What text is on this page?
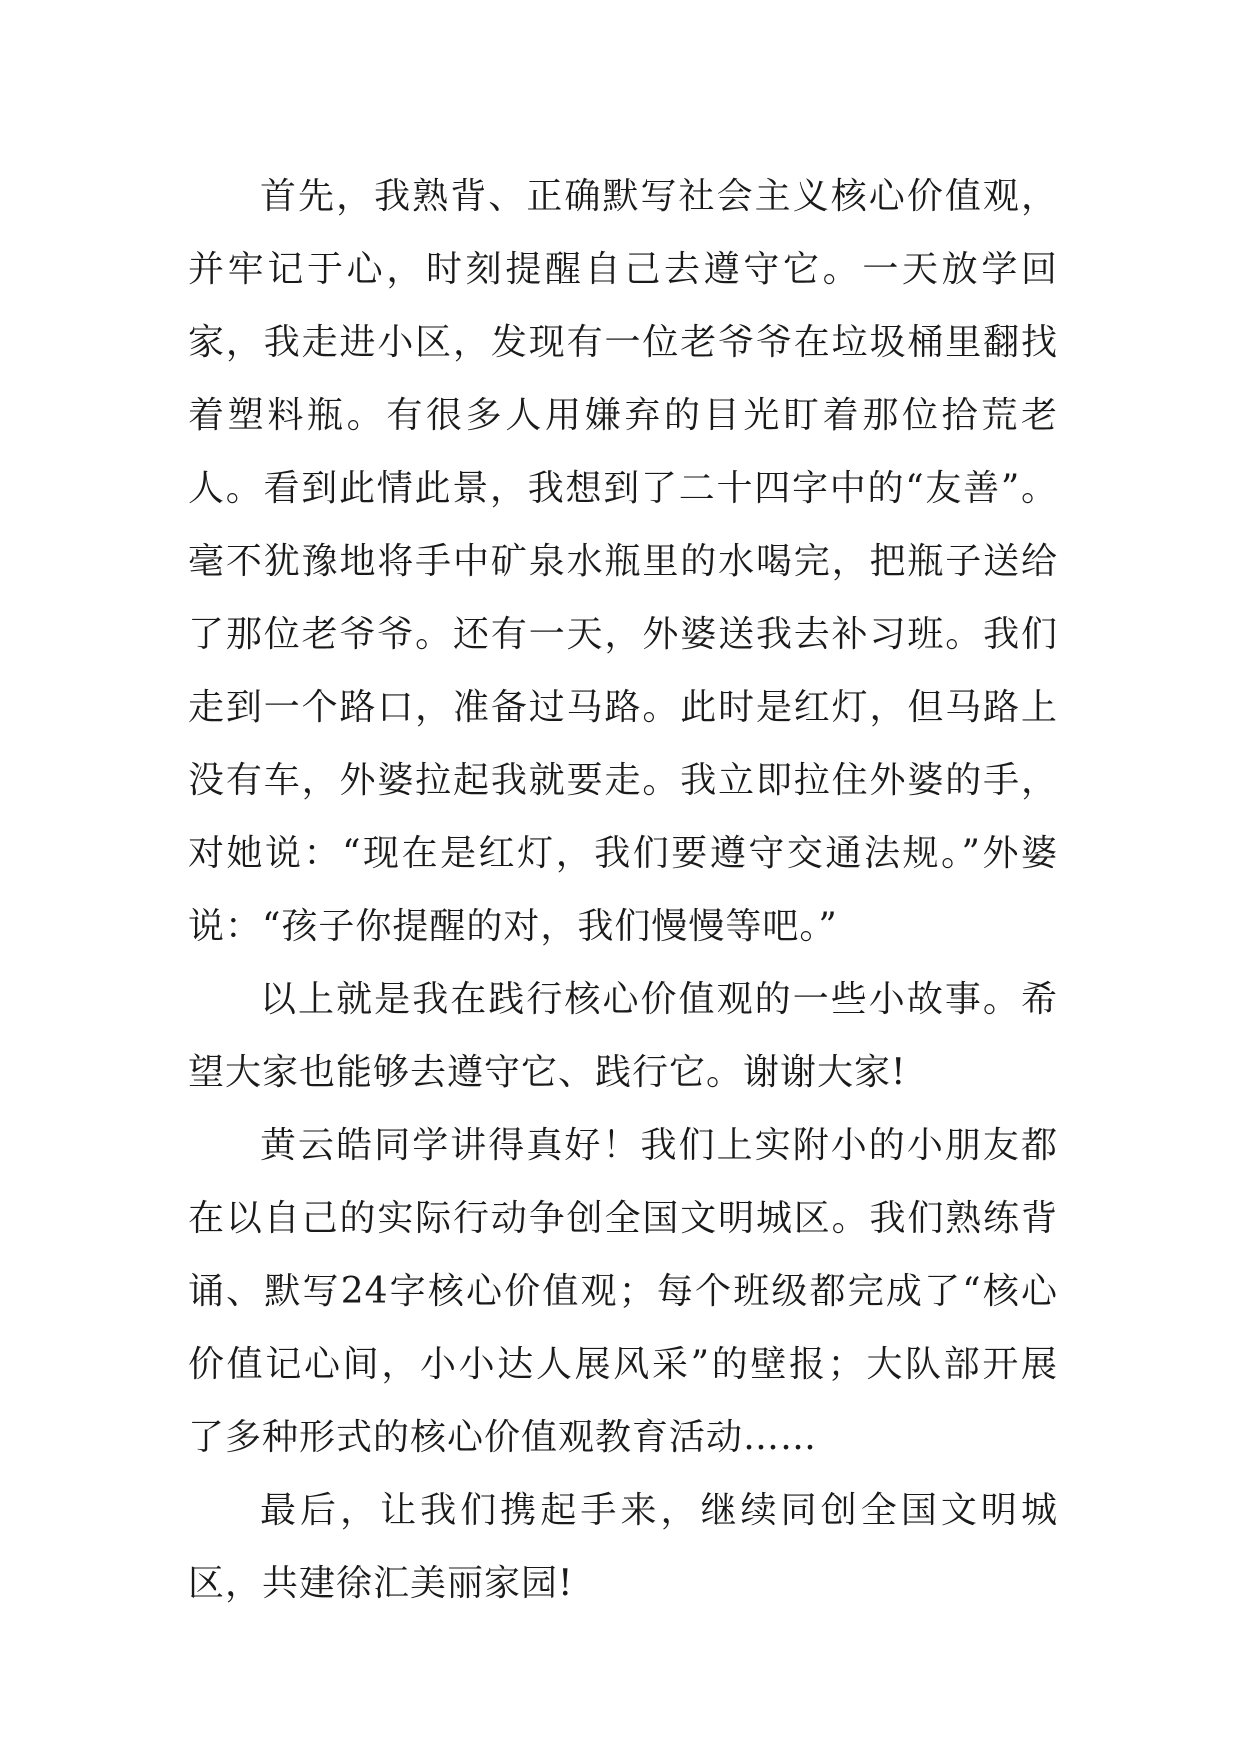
首先，我熟背、正确默写社会主义核心价值观，并牢记于心，时刻提醒自己去遵守它。一天放学回家，我走进小区，发现有一位老爷爷在垃圾桶里翻找着塑料瓶。有很多人用嫌弃的目光盯着那位拾荒老人。看到此情此景，我想到了二十四字中的“友善”。毫不犹豫地将手中矿泉水瓶里的水喝完，把瓶子送给了那位老爷爷。还有一天，外婆送我去补习班。我们走到一个路口，准备过马路。此时是红灯，但马路上没有车，外婆拉起我就要走。我立即拉住外婆的手，对她说：“现在是红灯，我们要遵守交通法规。”外婆说：“孩子你提醒的对，我们慢慢等吧。”

以上就是我在践行核心价值观的一些小故事。希望大家也能够去遵守它、践行它。谢谢大家!

黄云皓同学讲得真好！我们上实附小的小朋友都在以自己的实际行动争创全国文明城区。我们熟练背诵、默写24字核心价值观；每个班级都完成了“核心价值记心间，小小达人展风采”的壁报；大队部开展了多种形式的核心价值观教育活动……

最后，让我们携起手来，继续同创全国文明城区，共建徐汇美丽家园!
